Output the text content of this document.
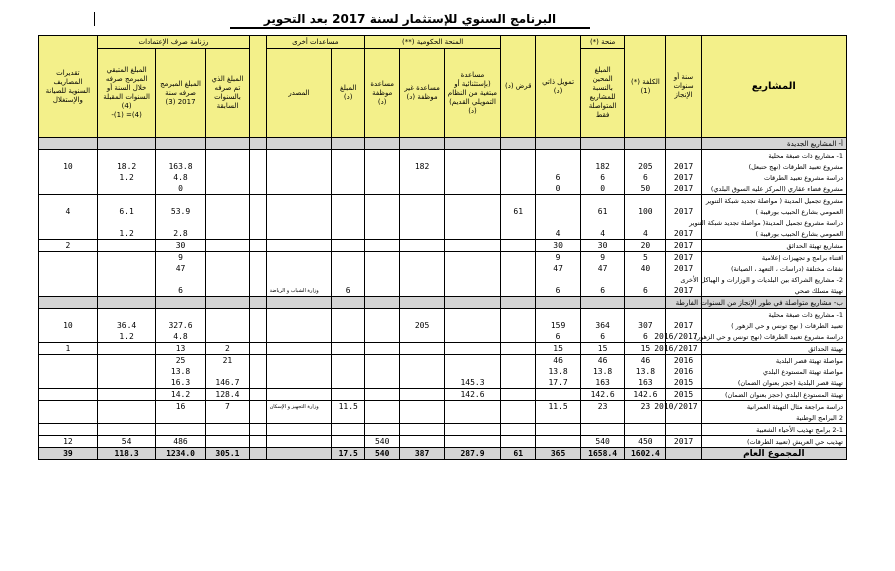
البرنامج السنوي للإستثمار لسنة 2017 بعد التحوير
المشاريع	سنة أو سنوات الإنجاز	الكلفة (*) (1)	منحة (*)	تمويل ذاتي (د)	قرض (د)	المنحة الحكومية (**)			مساعدات أخرى			رزنامة صرف الإعتمادات			تقديرات المصاريف السنوية للصيانة والإستغلال
			المبلغ المحين بالنسبة للمشاريع المتواصلة فقط			مساعدة (بإستثنائية أو مبتغية من النظام التمويلي القديم)(د)	مساعدة غير موظفة (د)	مساعدة موظفة (د)	المبلغ (د)	المصدر		المبلغ الذي تم صرفه بالسنوات السابقة	المبلغ المبرمج صرفه سنة 2017 (3)	المبلغ المتبقي المبرمج صرفه خلال السنة أو السنوات المقبلة (4)
(4)= (1)-	
أ- المشاريع الجديدة															
1- مشاريع ذات صبغة محلية															
مشروع تعبيد الطرقات (نهج حنبعل)	2017	205	182				182						163.8	18.2	10
دراسة مشروع تعبيد الطرقات	2017	6	6	6									4.8	1.2	
مشروع فضاء عقاري (المركز عليه السوق البلدي)	2017	50	0	0									0		
مشروع تجميل المدينة ( مواصلة تجديد شبكة التنوير															
العمومي بشارع الحبيب بورقيبة )	2017	100	61		61								53.9	6.1	4
دراسة مشروع تجميل المدينة( مواصلة تجديد شبكة التنوير															
العمومي بشارع الحبيب بورقيبة )	2017	4	4	4									2.8	1.2	
مشاريع تهيئة الحدائق	2017	20	30	30									30		2
اقتناء برامج و تجهيزات إعلامية	2017	5	9	9									9		
نفقات مختلفة (دراسات ، التعهد ، الصيانة)	2017	40	47	47									47		
2- مشاريع الشراكة بين البلديات و الوزارات و الهياكل الأخرى															
تهيئة مسلك صحي	2017	6	6	6					6	وزارة الشباب و الرياضة			6		
ب- مشاريع متواصلة في طور الإنجاز من السنوات الفارطة															
1- مشاريع ذات صبغة محلية															
تعبيد الطرقات ( نهج تونس و حي الزهور )	2017	307	364	159			205						327.6	36.4	10
دراسة مشروع تعبيد الطرقات (نهج تونس و حي الزهور)	2016/2017	6	6	6									4.8	1.2	
تهيئة الحدائق	2016/2017	15	15	15								2	13		1
مواصلة تهيئة قصر البلدية	2016	46	46	46								21	25		
مواصلة تهيئة المستودع البلدي	2016	13.8	13.8	13.8									13.8		
تهيئة قصر البلدية (حجز بعنوان الضمان)	2015	163	163	17.7		145.3						146.7	16.3		
تهيئة المستودع البلدي (حجز بعنوان الضمان)	2015	142.6	142.6			142.6						128.4	14.2		
دراسة مراجعة مثال التهيئة العمرانية	2010/2017	23	23	11.5					11.5	وزارة التجهيز و الإسكان		7	16		
2 البرامج الوطنية															
2-1 برامج تهذيب الأحياء الشعبية															
تهذيب حي العريش (تعبيد الطرقات)	2017	450	540					540					486	54	12
المجموع العام		1602.4	1658.4	365	61	287.9	387	540	17.5			305.1	1234.0	118.3	39
